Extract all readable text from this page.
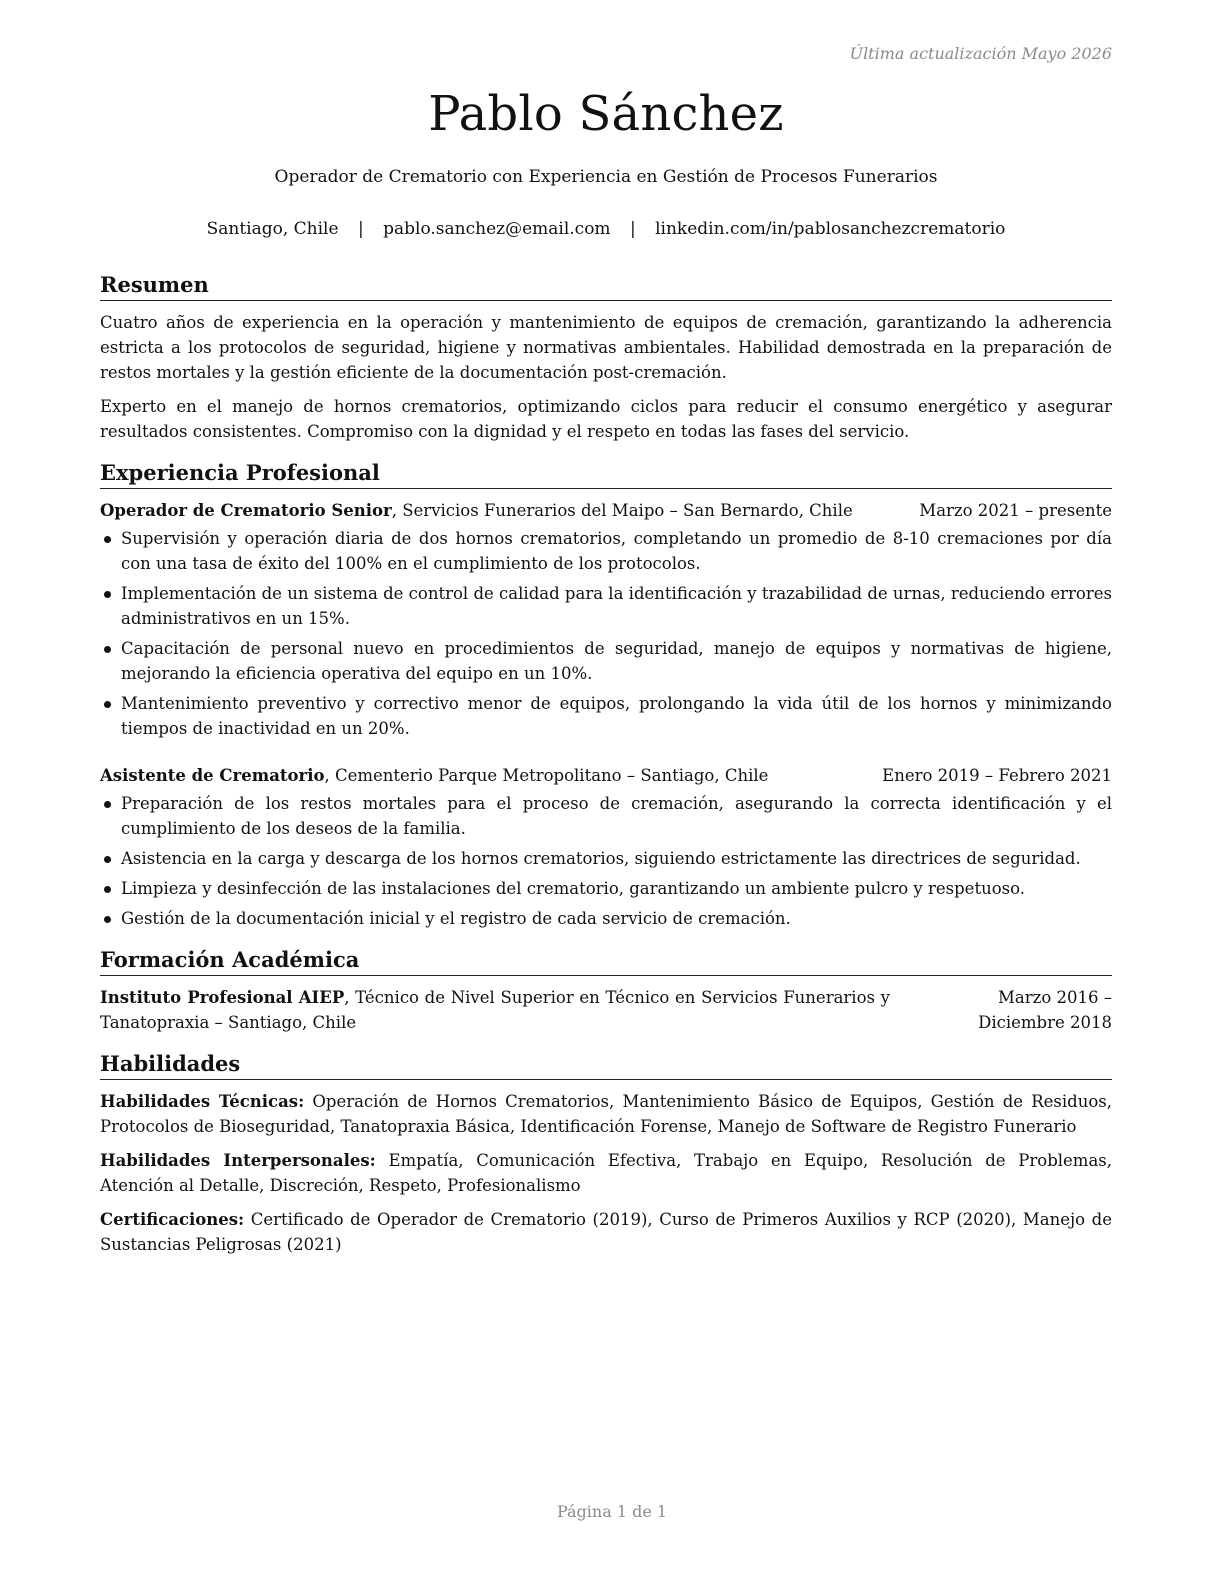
Última actualización Mayo 2026
Pablo Sánchez
Operador de Crematorio con Experiencia en Gestión de Procesos Funerarios
Santiago, Chile | pablo.sanchez@email.com | linkedin.com/in/pablosanchezcrematorio
Resumen

Cuatro años de experiencia en la operación y mantenimiento de equipos de cremación, garantizando la adherencia estricta a los protocolos de seguridad, higiene y normativas ambientales. Habilidad demostrada en la preparación de restos mortales y la gestión eficiente de la documentación post-cremación.

Experto en el manejo de hornos crematorios, optimizando ciclos para reducir el consumo energético y asegurar resultados consistentes. Compromiso con la dignidad y el respeto en todas las fases del servicio.

Experiencia Profesional
Operador de Crematorio Senior, Servicios Funerarios del Maipo – San Bernardo, Chile	Marzo 2021 – presente
Supervisión y operación diaria de dos hornos crematorios, completando un promedio de 8-10 cremaciones por día con una tasa de éxito del 100% en el cumplimiento de los protocolos.
Implementación de un sistema de control de calidad para la identificación y trazabilidad de urnas, reduciendo errores administrativos en un 15%.
Capacitación de personal nuevo en procedimientos de seguridad, manejo de equipos y normativas de higiene, mejorando la eficiencia operativa del equipo en un 10%.
Mantenimiento preventivo y correctivo menor de equipos, prolongando la vida útil de los hornos y minimizando tiempos de inactividad en un 20%.
Asistente de Crematorio, Cementerio Parque Metropolitano – Santiago, Chile	Enero 2019 – Febrero 2021
Preparación de los restos mortales para el proceso de cremación, asegurando la correcta identificación y el cumplimiento de los deseos de la familia.
Asistencia en la carga y descarga de los hornos crematorios, siguiendo estrictamente las directrices de seguridad.
Limpieza y desinfección de las instalaciones del crematorio, garantizando un ambiente pulcro y respetuoso.
Gestión de la documentación inicial y el registro de cada servicio de cremación.
Formación Académica
Instituto Profesional AIEP, Técnico de Nivel Superior en Técnico en Servicios Funerarios y Tanatopraxia – Santiago, Chile
Marzo 2016 – Diciembre 2018
Habilidades

Habilidades Técnicas: Operación de Hornos Crematorios, Mantenimiento Básico de Equipos, Gestión de Residuos, Protocolos de Bioseguridad, Tanatopraxia Básica, Identificación Forense, Manejo de Software de Registro Funerario

Habilidades Interpersonales: Empatía, Comunicación Efectiva, Trabajo en Equipo, Resolución de Problemas, Atención al Detalle, Discreción, Respeto, Profesionalismo

Certificaciones: Certificado de Operador de Crematorio (2019), Curso de Primeros Auxilios y RCP (2020), Manejo de Sustancias Peligrosas (2021)

Página 1 de 1
